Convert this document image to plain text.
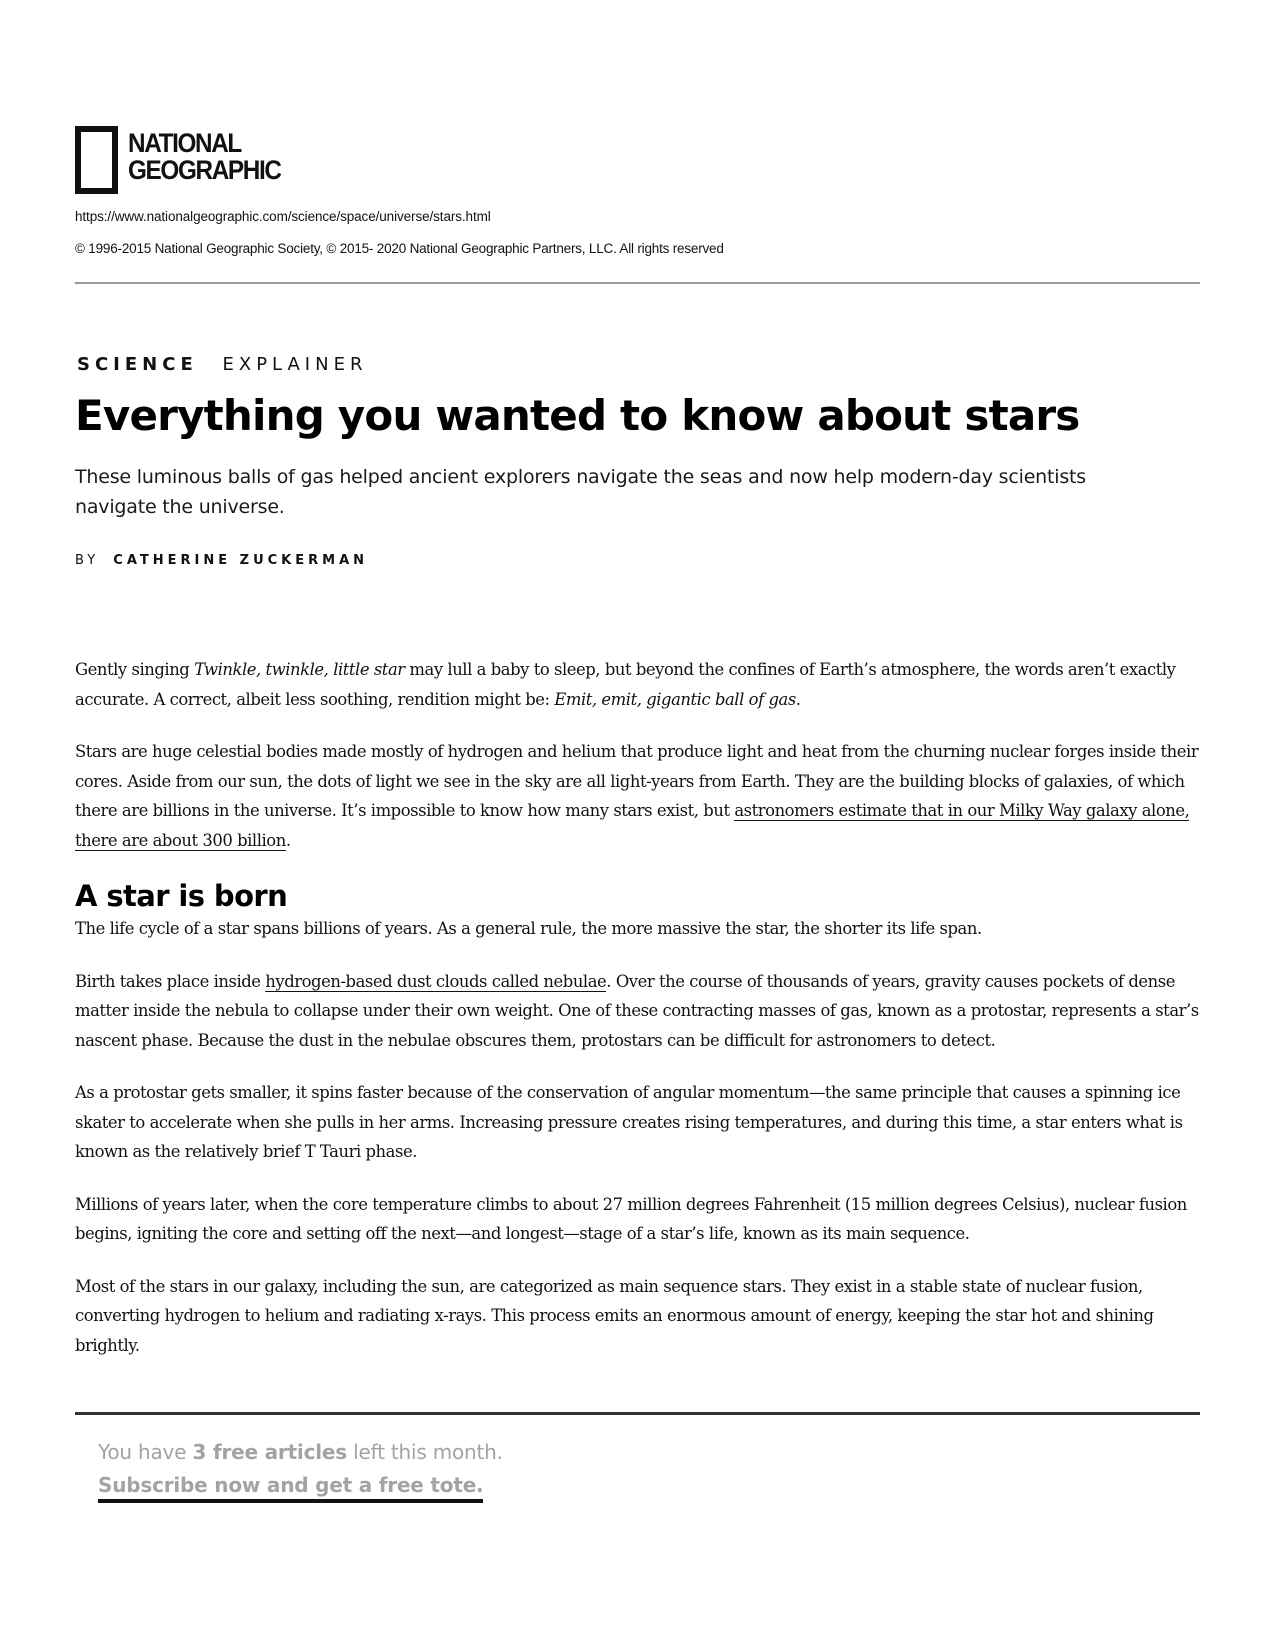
NATIONAL
GEOGRAPHIC
https://www.nationalgeographic.com/science/space/universe/stars.html
© 1996-2015 National Geographic Society, © 2015- 2020 National Geographic Partners, LLC. All rights reserved
SCIENCE EXPLAINER
Everything you wanted to know about stars

These luminous balls of gas helped ancient explorers navigate the seas and now help modern-day scientists navigate the universe.

BY CATHERINE ZUCKERMAN

Gently singing Twinkle, twinkle, little star may lull a baby to sleep, but beyond the confines of Earth’s atmosphere, the words aren’t exactly accurate. A correct, albeit less soothing, rendition might be: Emit, emit, gigantic ball of gas.

Stars are huge celestial bodies made mostly of hydrogen and helium that produce light and heat from the churning nuclear forges inside their cores. Aside from our sun, the dots of light we see in the sky are all light-years from Earth. They are the building blocks of galaxies, of which there are billions in the universe. It’s impossible to know how many stars exist, but astronomers estimate that in our Milky Way galaxy alone, there are about 300 billion.

A star is born

The life cycle of a star spans billions of years. As a general rule, the more massive the star, the shorter its life span.

Birth takes place inside hydrogen-based dust clouds called nebulae. Over the course of thousands of years, gravity causes pockets of dense matter inside the nebula to collapse under their own weight. One of these contracting masses of gas, known as a protostar, represents a star’s nascent phase. Because the dust in the nebulae obscures them, protostars can be difficult for astronomers to detect.

As a protostar gets smaller, it spins faster because of the conservation of angular momentum—the same principle that causes a spinning ice skater to accelerate when she pulls in her arms. Increasing pressure creates rising temperatures, and during this time, a star enters what is known as the relatively brief T Tauri phase.

Millions of years later, when the core temperature climbs to about 27 million degrees Fahrenheit (15 million degrees Celsius), nuclear fusion begins, igniting the core and setting off the next—and longest—stage of a star’s life, known as its main sequence.

Most of the stars in our galaxy, including the sun, are categorized as main sequence stars. They exist in a stable state of nuclear fusion, converting hydrogen to helium and radiating x-rays. This process emits an enormous amount of energy, keeping the star hot and shining brightly.

You have 3 free articles left this month.
Subscribe now and get a free tote.
